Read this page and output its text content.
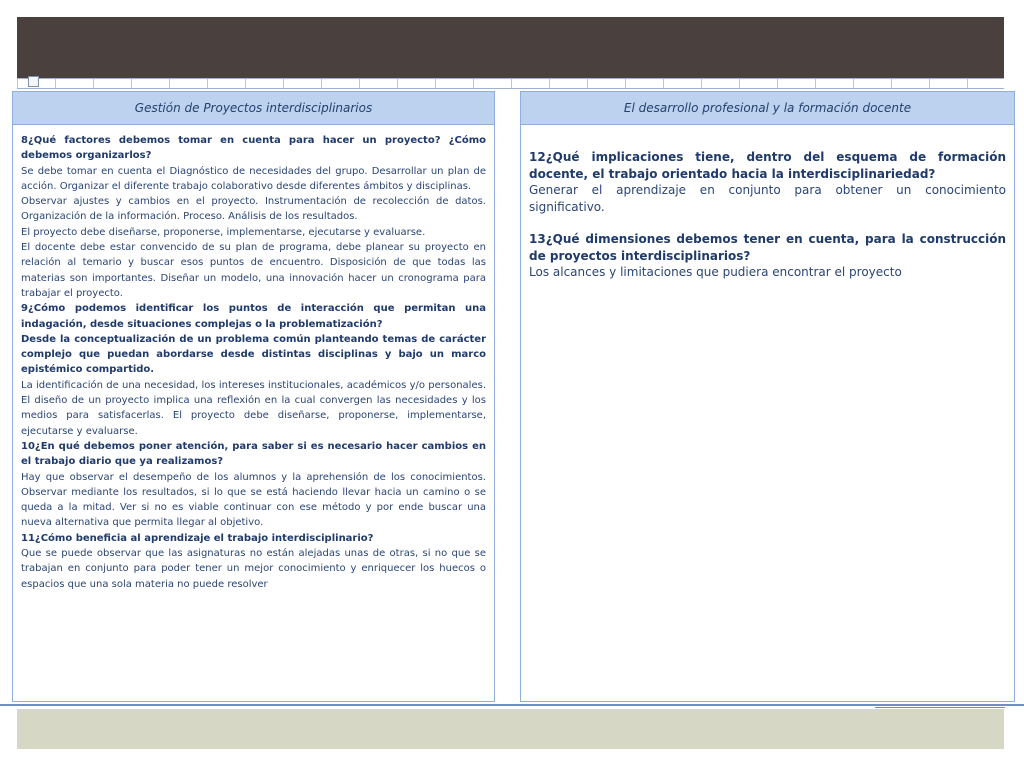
Gestión de Proyectos interdisciplinarios
8¿Qué factores debemos tomar en cuenta para hacer un proyecto? ¿Cómo debemos organizarlos?
Se debe tomar en cuenta el Diagnóstico de necesidades del grupo. Desarrollar un plan de acción. Organizar el diferente trabajo colaborativo desde diferentes ámbitos y disciplinas.
Observar ajustes y cambios en el proyecto. Instrumentación de recolección de datos. Organización de la información. Proceso. Análisis de los resultados.
El proyecto debe diseñarse, proponerse, implementarse, ejecutarse y evaluarse.
El docente debe estar convencido de su plan de programa, debe planear su proyecto en relación al temario y buscar esos puntos de encuentro. Disposición de que todas las materias son importantes. Diseñar un modelo, una innovación hacer un cronograma para trabajar el proyecto.
9¿Cómo podemos identificar los puntos de interacción que permitan una indagación, desde situaciones complejas o la problematización?
Desde la conceptualización de un problema común planteando temas de carácter complejo que puedan abordarse desde distintas disciplinas y bajo un marco epistémico compartido.
La identificación de una necesidad, los intereses institucionales, académicos y/o personales. El diseño de un proyecto implica una reflexión en la cual convergen las necesidades y los medios para satisfacerlas. El proyecto debe diseñarse, proponerse, implementarse, ejecutarse y evaluarse.
10¿En qué debemos poner atención, para saber si es necesario hacer cambios en el trabajo diario que ya realizamos?
Hay que observar el desempeño de los alumnos y la aprehensión de los conocimientos. Observar mediante los resultados, si lo que se está haciendo llevar hacia un camino o se queda a la mitad. Ver si no es viable continuar con ese método y por ende buscar una nueva alternativa que permita llegar al objetivo.
11¿Cómo beneficia al aprendizaje el trabajo interdisciplinario?
Que se puede observar que las asignaturas no están alejadas unas de otras, si no que se trabajan en conjunto para poder tener un mejor conocimiento y enriquecer los huecos o espacios que una sola materia no puede resolver
El desarrollo profesional y la formación docente
12¿Qué implicaciones tiene, dentro del esquema de formación docente, el trabajo orientado hacia la interdisciplinariedad?
Generar el aprendizaje en conjunto para obtener un conocimiento significativo.
13¿Qué dimensiones debemos tener en cuenta, para la construcción de proyectos interdisciplinarios?
Los alcances y limitaciones que pudiera encontrar el proyecto
